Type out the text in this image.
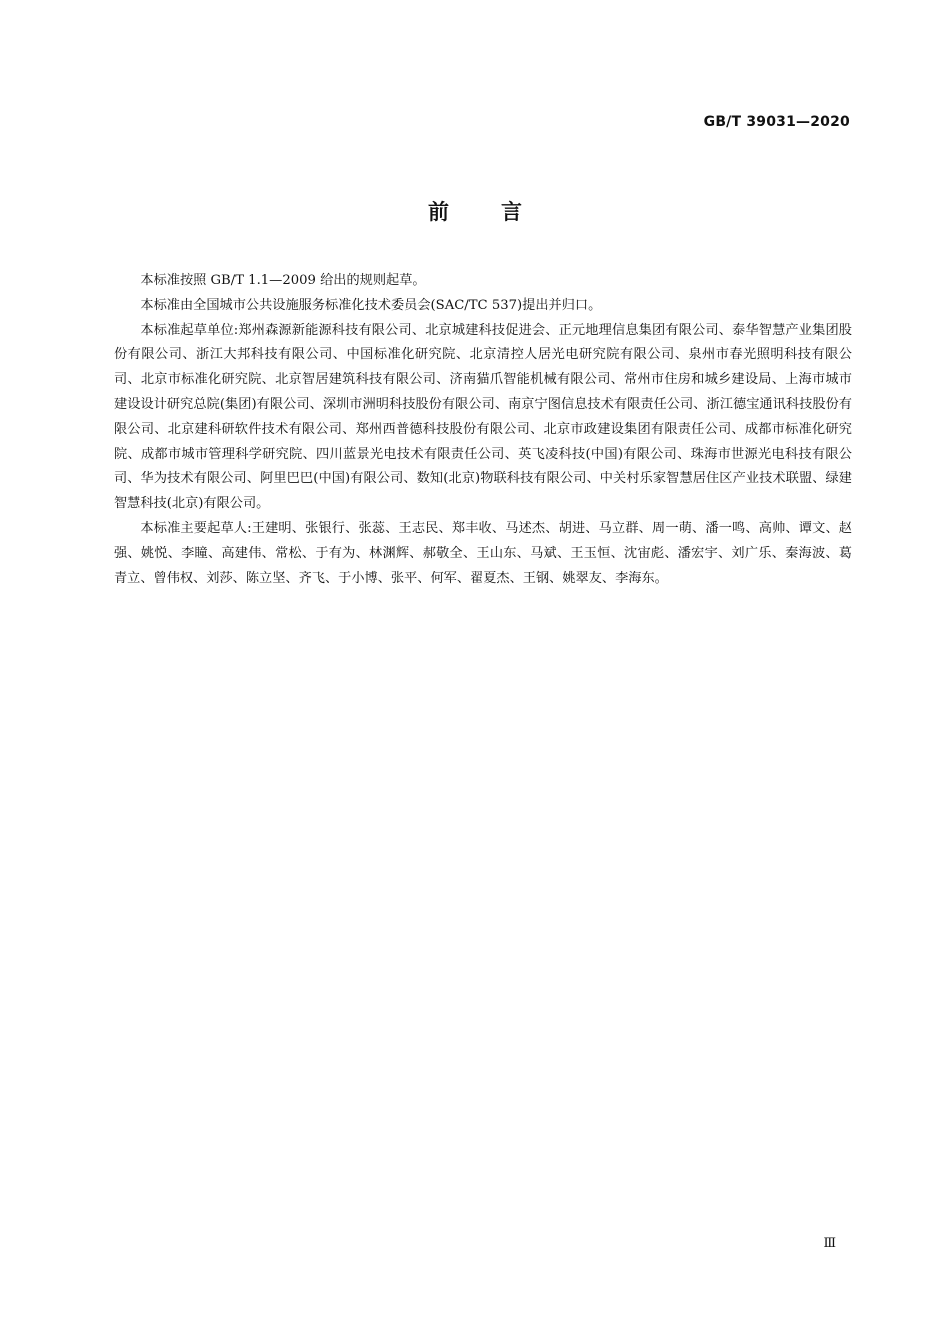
GB/T 39031—2020
前言

本标准按照 GB/T 1.1—2009 给出的规则起草。

本标准由全国城市公共设施服务标准化技术委员会(SAC/TC 537)提出并归口。

本标准起草单位:郑州森源新能源科技有限公司、北京城建科技促进会、正元地理信息集团有限公司、泰华智慧产业集团股份有限公司、浙江大邦科技有限公司、中国标准化研究院、北京清控人居光电研究院有限公司、泉州市春光照明科技有限公司、北京市标准化研究院、北京智居建筑科技有限公司、济南猫爪智能机械有限公司、常州市住房和城乡建设局、上海市城市建设设计研究总院(集团)有限公司、深圳市洲明科技股份有限公司、南京宁图信息技术有限责任公司、浙江德宝通讯科技股份有限公司、北京建科研软件技术有限公司、郑州西普德科技股份有限公司、北京市政建设集团有限责任公司、成都市标准化研究院、成都市城市管理科学研究院、四川蓝景光电技术有限责任公司、英飞凌科技(中国)有限公司、珠海市世源光电科技有限公司、华为技术有限公司、阿里巴巴(中国)有限公司、数知(北京)物联科技有限公司、中关村乐家智慧居住区产业技术联盟、绿建智慧科技(北京)有限公司。

本标准主要起草人:王建明、张银行、张蕊、王志民、郑丰收、马述杰、胡进、马立群、周一萌、潘一鸣、高帅、谭文、赵强、姚悦、李瞳、高建伟、常松、于有为、林渊辉、郝敬全、王山东、马斌、王玉恒、沈宙彪、潘宏宇、刘广乐、秦海波、葛青立、曾伟权、刘莎、陈立坚、齐飞、于小博、张平、何军、翟夏杰、王钢、姚翠友、李海东。

Ⅲ
